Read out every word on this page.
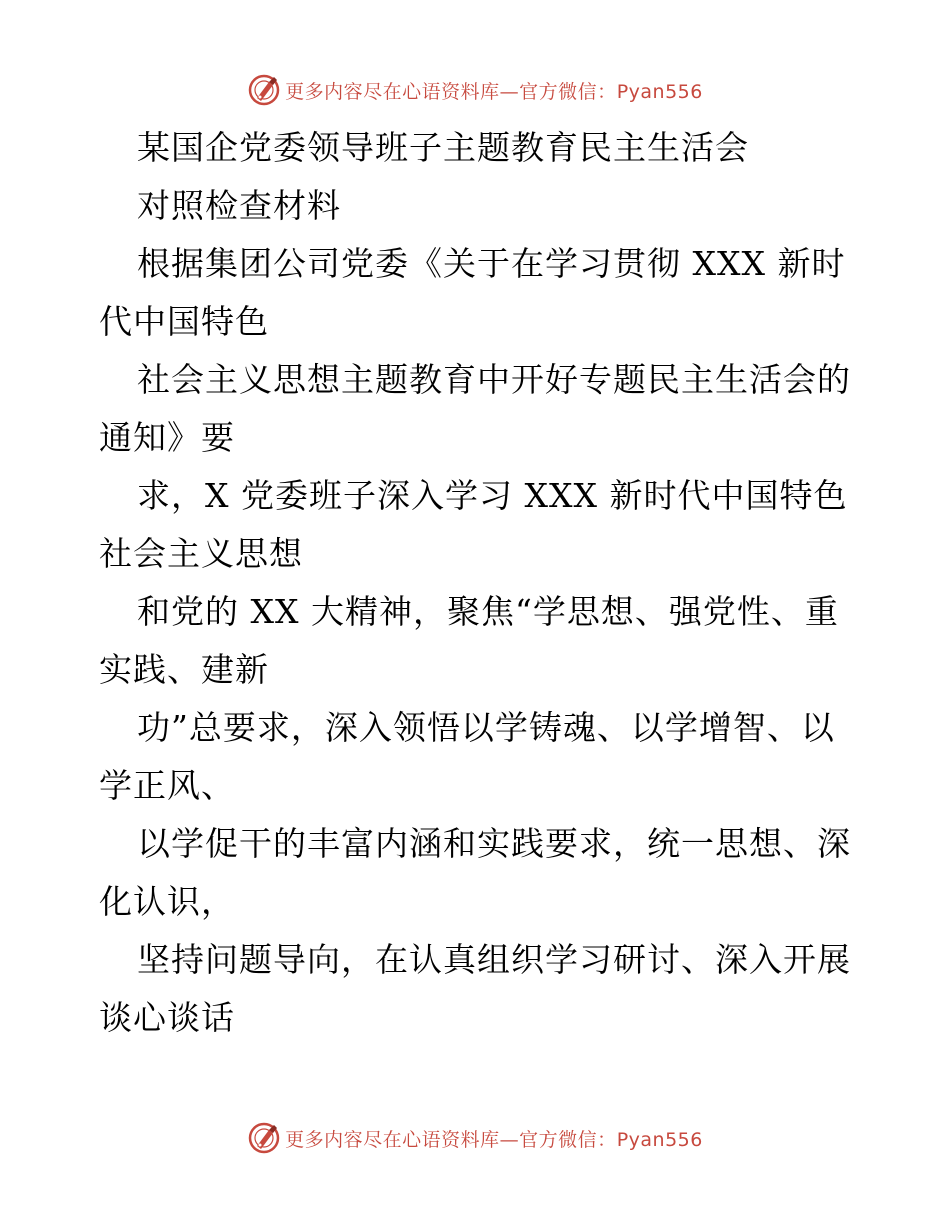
更多内容尽在心语资料库—官方微信：Pyan556
某国企党委领导班子主题教育民主生活会
对照检查材料
根据集团公司党委《关于在学习贯彻 XXX 新时
代中国特色
社会主义思想主题教育中开好专题民主生活会的
通知》要
求，X 党委班子深入学习 XXX 新时代中国特色
社会主义思想
和党的 XX 大精神，聚焦“学思想、强党性、重
实践、建新
功”总要求，深入领悟以学铸魂、以学增智、以
学正风、
以学促干的丰富内涵和实践要求，统一思想、深
化认识，
坚持问题导向，在认真组织学习研讨、深入开展
谈心谈话
更多内容尽在心语资料库—官方微信：Pyan556
